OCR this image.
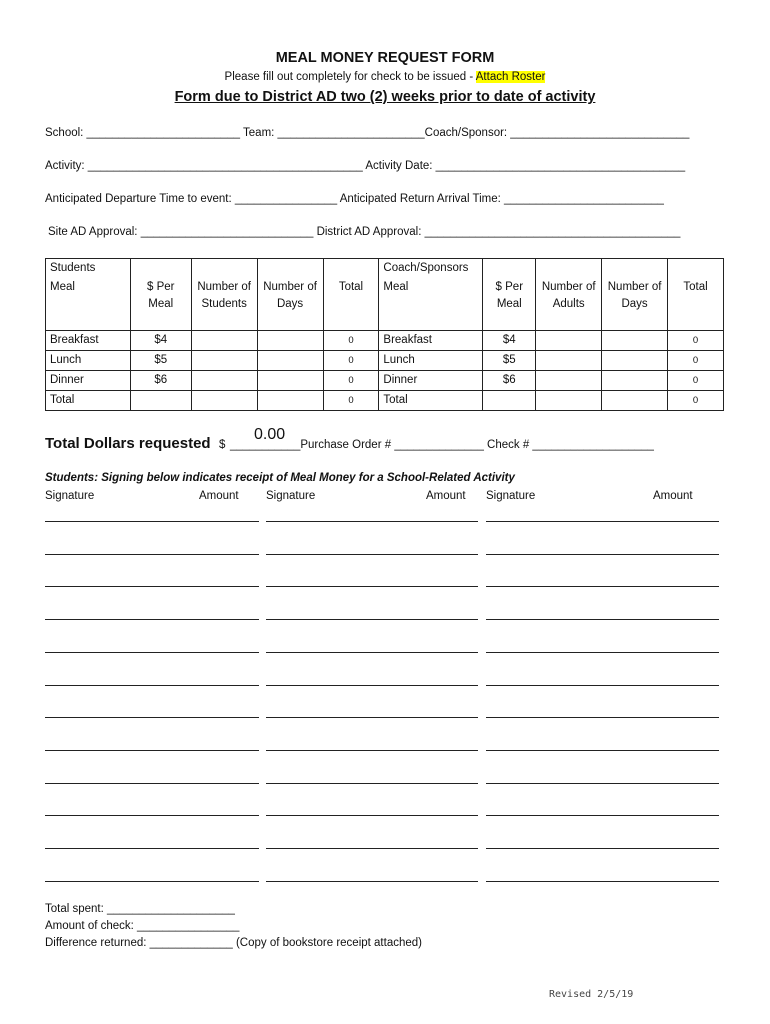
MEAL MONEY REQUEST FORM
Please fill out completely for check to be issued - Attach Roster
Form due to District AD two (2) weeks prior to date of activity
School: ________________________ Team: _______________________Coach/Sponsor: ____________________________
Activity: ___________________________________________ Activity Date: _______________________________________
Anticipated Departure Time to event: ________________ Anticipated Return Arrival Time: _________________________
Site AD Approval: ___________________________ District AD Approval: ________________________________________
Students					Coach/Sponsors				
Meal	$ Per Meal	Number of Students	Number of Days	Total	Meal	$ Per Meal	Number of Adults	Number of Days	Total
Breakfast	$4			0	Breakfast	$4			0
Lunch	$5			0	Lunch	$5			0
Dinner	$6			0	Dinner	$6			0
Total				0	Total				0
Total Dollars requested $
0.00
___________Purchase Order # ______________ Check # ___________________
Students: Signing below indicates receipt of Meal Money for a School-Related Activity
Signature	Amount Signature	Amount Signature	Amount
Total spent: ____________________
Amount of check: ________________
Difference returned: _____________ (Copy of bookstore receipt attached)
Revised 2/5/19
